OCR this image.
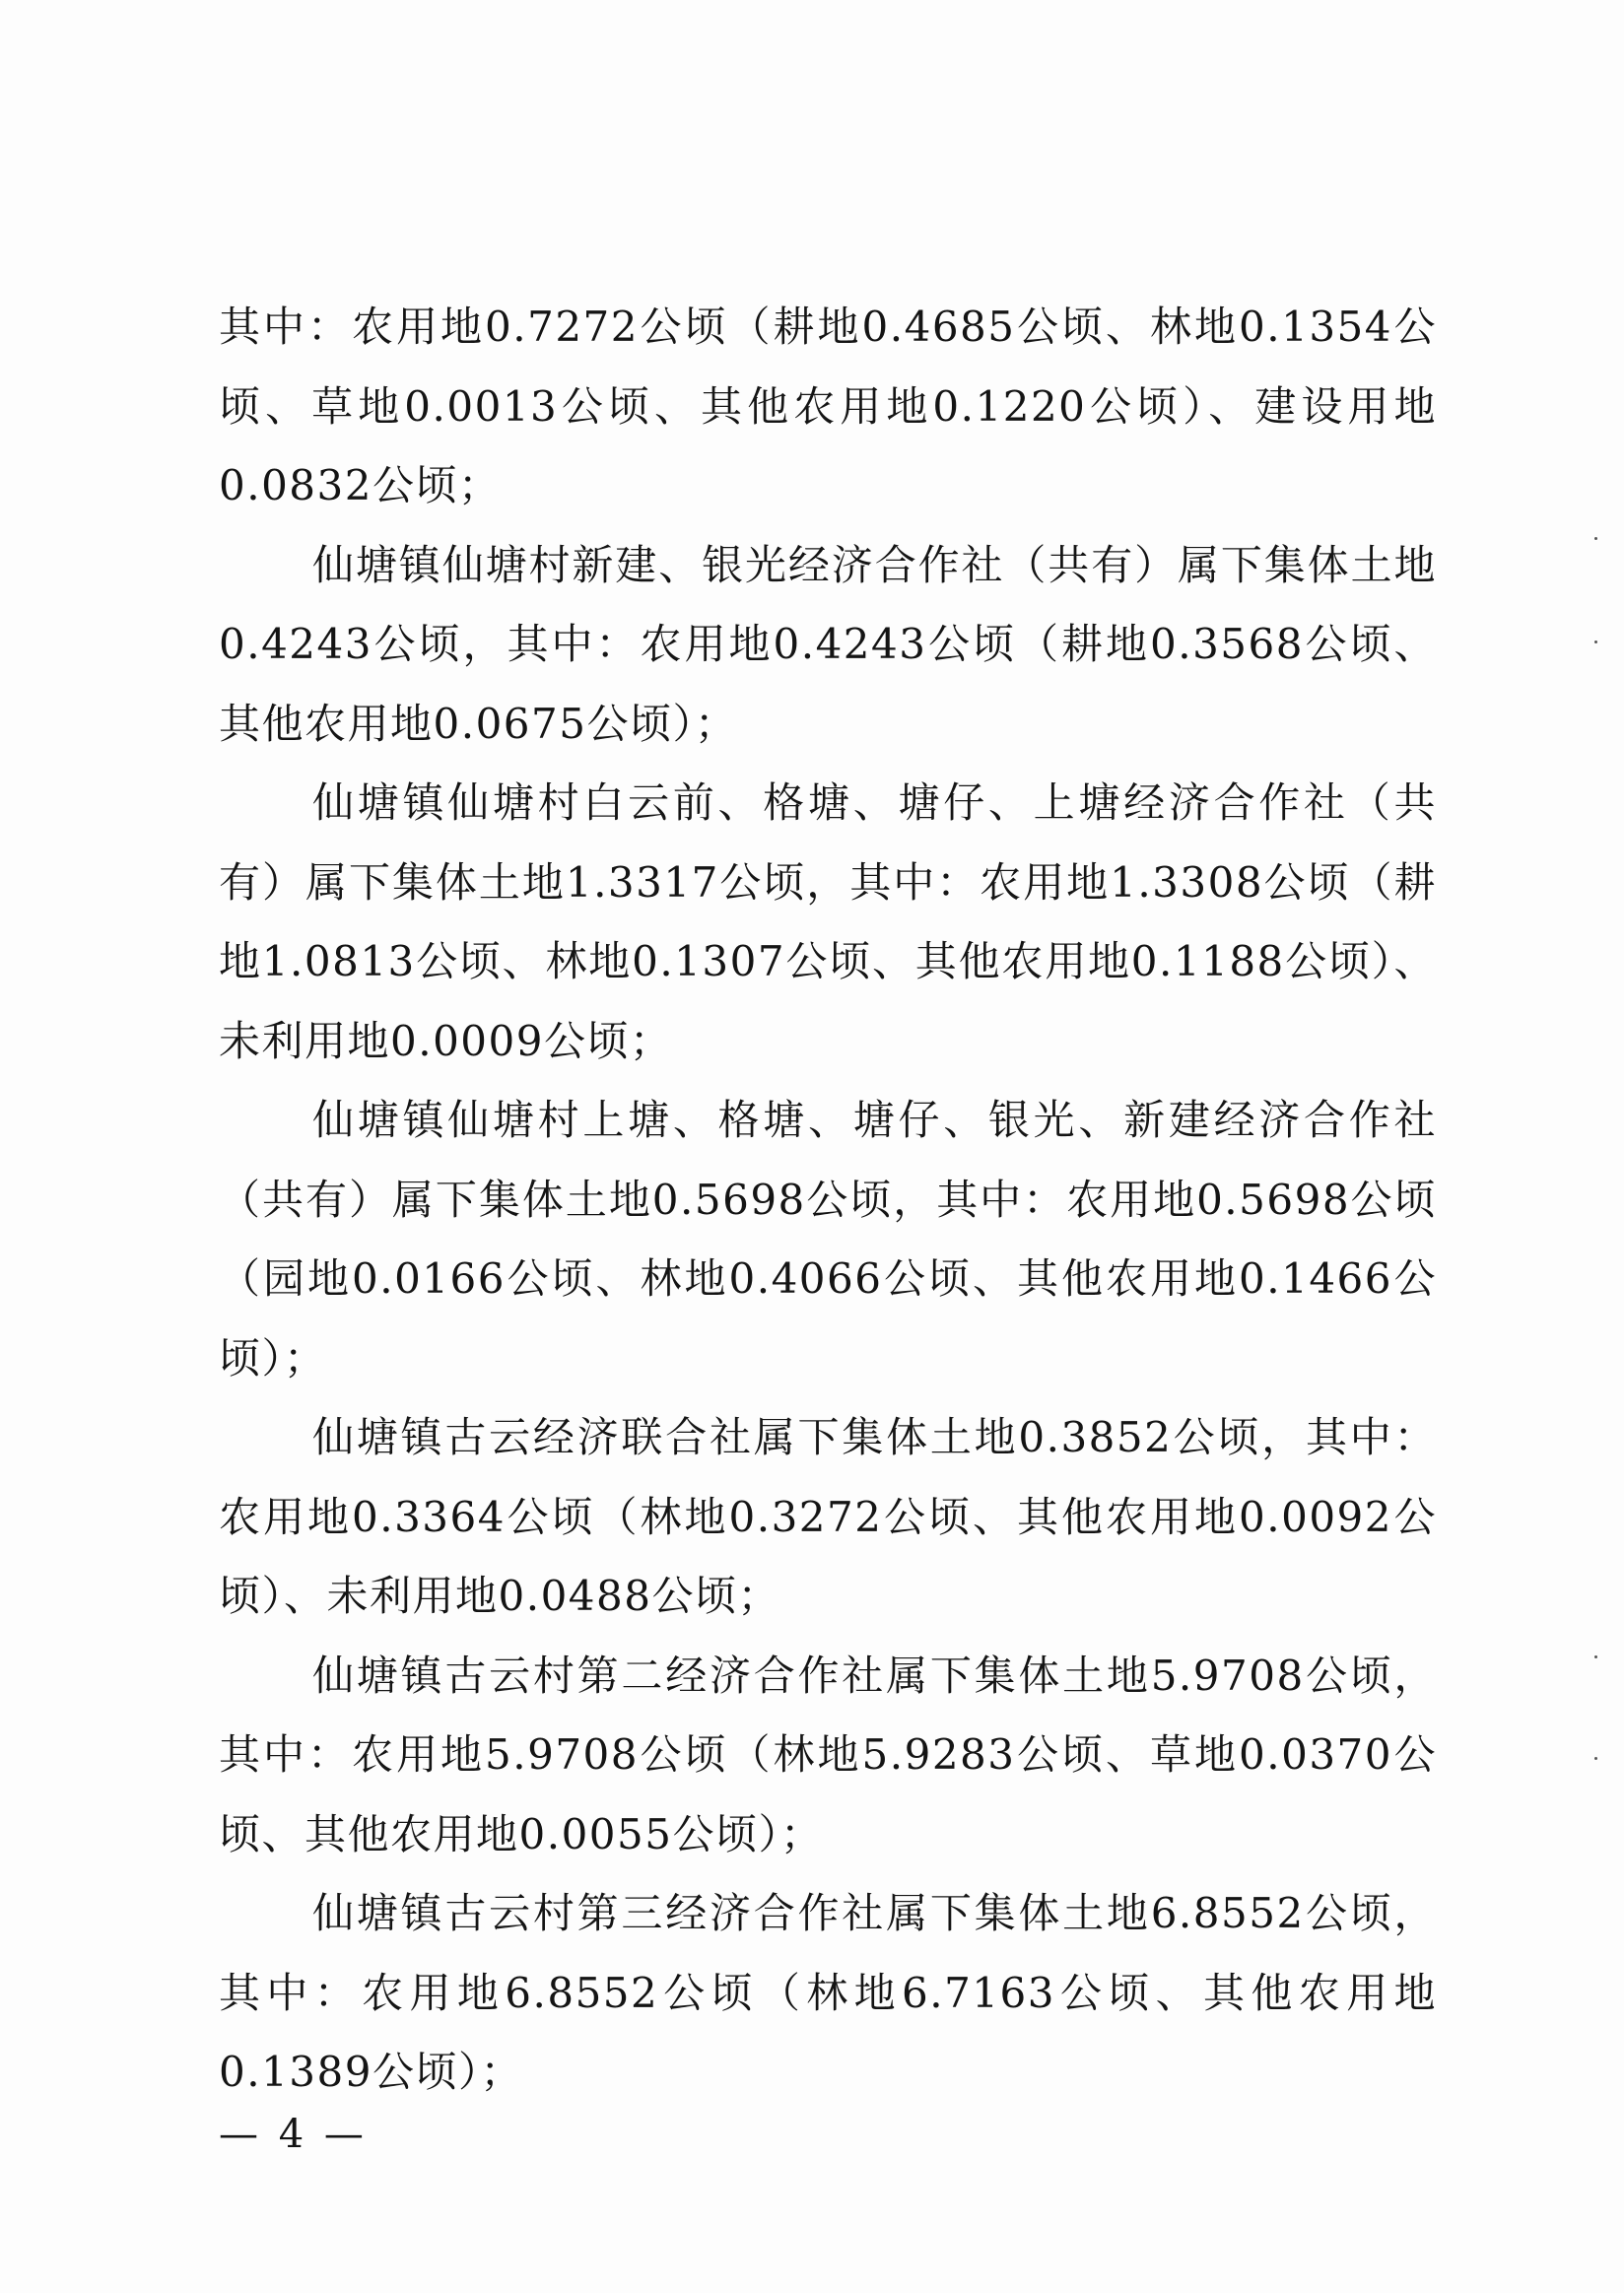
其中：农用地0.7272公顷（耕地0.4685公顷、林地0.1354公顷、草地0.0013公顷、其他农用地0.1220公顷）、建设用地0.0832公顷；

仙塘镇仙塘村新建、银光经济合作社（共有）属下集体土地0.4243公顷，其中：农用地0.4243公顷（耕地0.3568公顷、其他农用地0.0675公顷）；

仙塘镇仙塘村白云前、格塘、塘仔、上塘经济合作社（共有）属下集体土地1.3317公顷，其中：农用地1.3308公顷（耕地1.0813公顷、林地0.1307公顷、其他农用地0.1188公顷）、未利用地0.0009公顷；

仙塘镇仙塘村上塘、格塘、塘仔、银光、新建经济合作社（共有）属下集体土地0.5698公顷，其中：农用地0.5698公顷（园地0.0166公顷、林地0.4066公顷、其他农用地0.1466公顷）；

仙塘镇古云经济联合社属下集体土地0.3852公顷，其中：农用地0.3364公顷（林地0.3272公顷、其他农用地0.0092公顷）、未利用地0.0488公顷；

仙塘镇古云村第二经济合作社属下集体土地5.9708公顷，其中：农用地5.9708公顷（林地5.9283公顷、草地0.0370公顷、其他农用地0.0055公顷）；

仙塘镇古云村第三经济合作社属下集体土地6.8552公顷，其中：农用地6.8552公顷（林地6.7163公顷、其他农用地0.1389公顷）；

— 4 —
